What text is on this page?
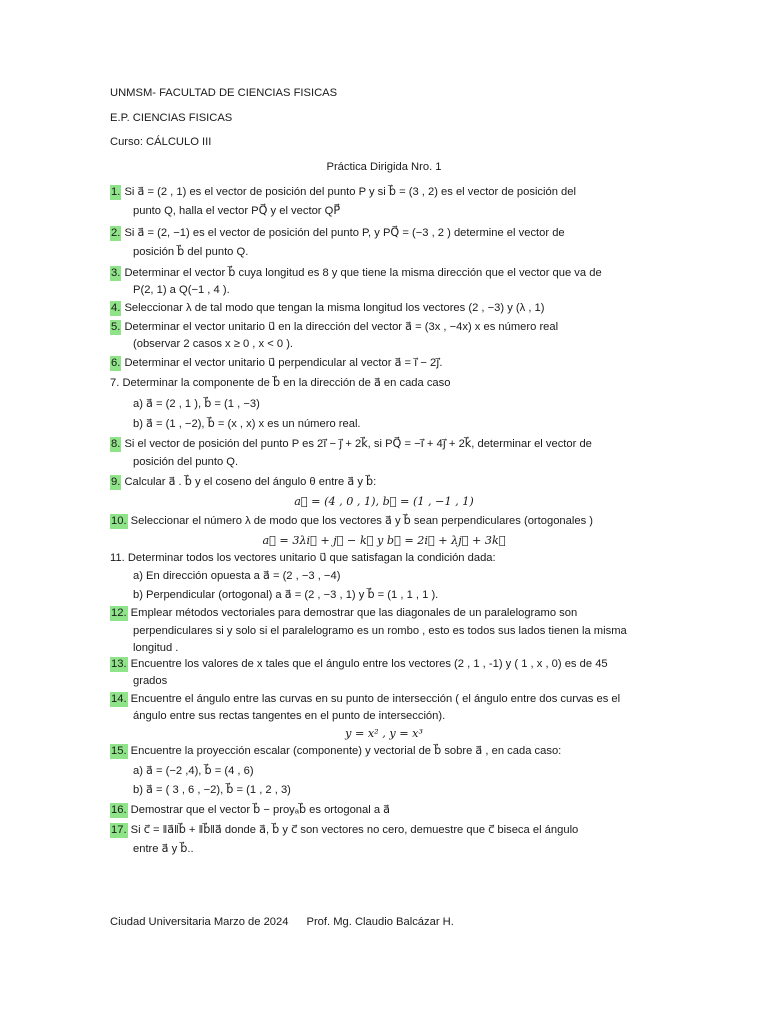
UNMSM- FACULTAD DE CIENCIAS FISICAS
E.P. CIENCIAS FISICAS
Curso: CÁLCULO III
Práctica Dirigida Nro. 1
1. Si a⃗ = (2 , 1) es el vector de posición del punto P y si b⃗ = (3 , 2) es el vector de posición del
punto Q, halla el vector PQ⃗ y el vector QP⃗
2. Si a⃗ = (2, −1) es el vector de posición del punto P, y PQ⃗ = (−3 , 2 ) determine el vector de
posición b⃗ del punto Q.
3. Determinar el vector b⃗ cuya longitud es 8 y que tiene la misma dirección que el vector que va de
P(2, 1) a Q(−1 , 4 ).
4. Seleccionar λ de tal modo que tengan la misma longitud los vectores (2 , −3) y (λ , 1)
5. Determinar el vector unitario u⃗ en la dirección del vector a⃗ = (3x , −4x) x es número real
(observar 2 casos x ≥ 0 , x < 0 ).
6. Determinar el vector unitario u⃗ perpendicular al vector a⃗ = i⃗ − 2j⃗.
7. Determinar la componente de b⃗ en la dirección de a⃗ en cada caso
a) a⃗ = (2 , 1 ), b⃗ = (1 , −3)
b) a⃗ = (1 , −2), b⃗ = (x , x) x es un número real.
8. Si el vector de posición del punto P es 2i⃗ − j⃗ + 2k⃗, si PQ⃗ = −i⃗ + 4j⃗ + 2k⃗, determinar el vector de
posición del punto Q.
9. Calcular a⃗ . b⃗ y el coseno del ángulo θ entre a⃗ y b⃗:
a⃗ = (4 , 0 , 1), b⃗ = (1 , −1 , 1)
10. Seleccionar el número λ de modo que los vectores a⃗ y b⃗ sean perpendiculares (ortogonales )
a⃗ = 3λi⃗ + j⃗ − k⃗ y b⃗ = 2i⃗ + λj⃗ + 3k⃗
11. Determinar todos los vectores unitario u⃗ que satisfagan la condición dada:
a) En dirección opuesta a a⃗ = (2 , −3 , −4)
b) Perpendicular (ortogonal) a a⃗ = (2 , −3 , 1) y b⃗ = (1 , 1 , 1 ).
12. Emplear métodos vectoriales para demostrar que las diagonales de un paralelogramo son
perpendiculares si y solo si el paralelogramo es un rombo , esto es todos sus lados tienen la misma
longitud .
13. Encuentre los valores de x tales que el ángulo entre los vectores (2 , 1 , -1) y ( 1 , x , 0) es de 45
grados
14. Encuentre el ángulo entre las curvas en su punto de intersección ( el ángulo entre dos curvas es el
ángulo entre sus rectas tangentes en el punto de intersección).
y = x² , y = x³
15. Encuentre la proyección escalar (componente) y vectorial de b⃗ sobre a⃗ , en cada caso:
a) a⃗ = (−2 ,4), b⃗ = (4 , 6)
b) a⃗ = ( 3 , 6 , −2), b⃗ = (1 , 2 , 3)
16. Demostrar que el vector b⃗ − proyₐb⃗ es ortogonal a a⃗
17. Si c⃗ = ‖a⃗‖b⃗ + ‖b⃗‖a⃗ donde a⃗, b⃗ y c⃗ son vectores no cero, demuestre que c⃗ biseca el ángulo
entre a⃗ y b⃗..
Ciudad Universitaria Marzo de 2024 Prof. Mg. Claudio Balcázar H.
